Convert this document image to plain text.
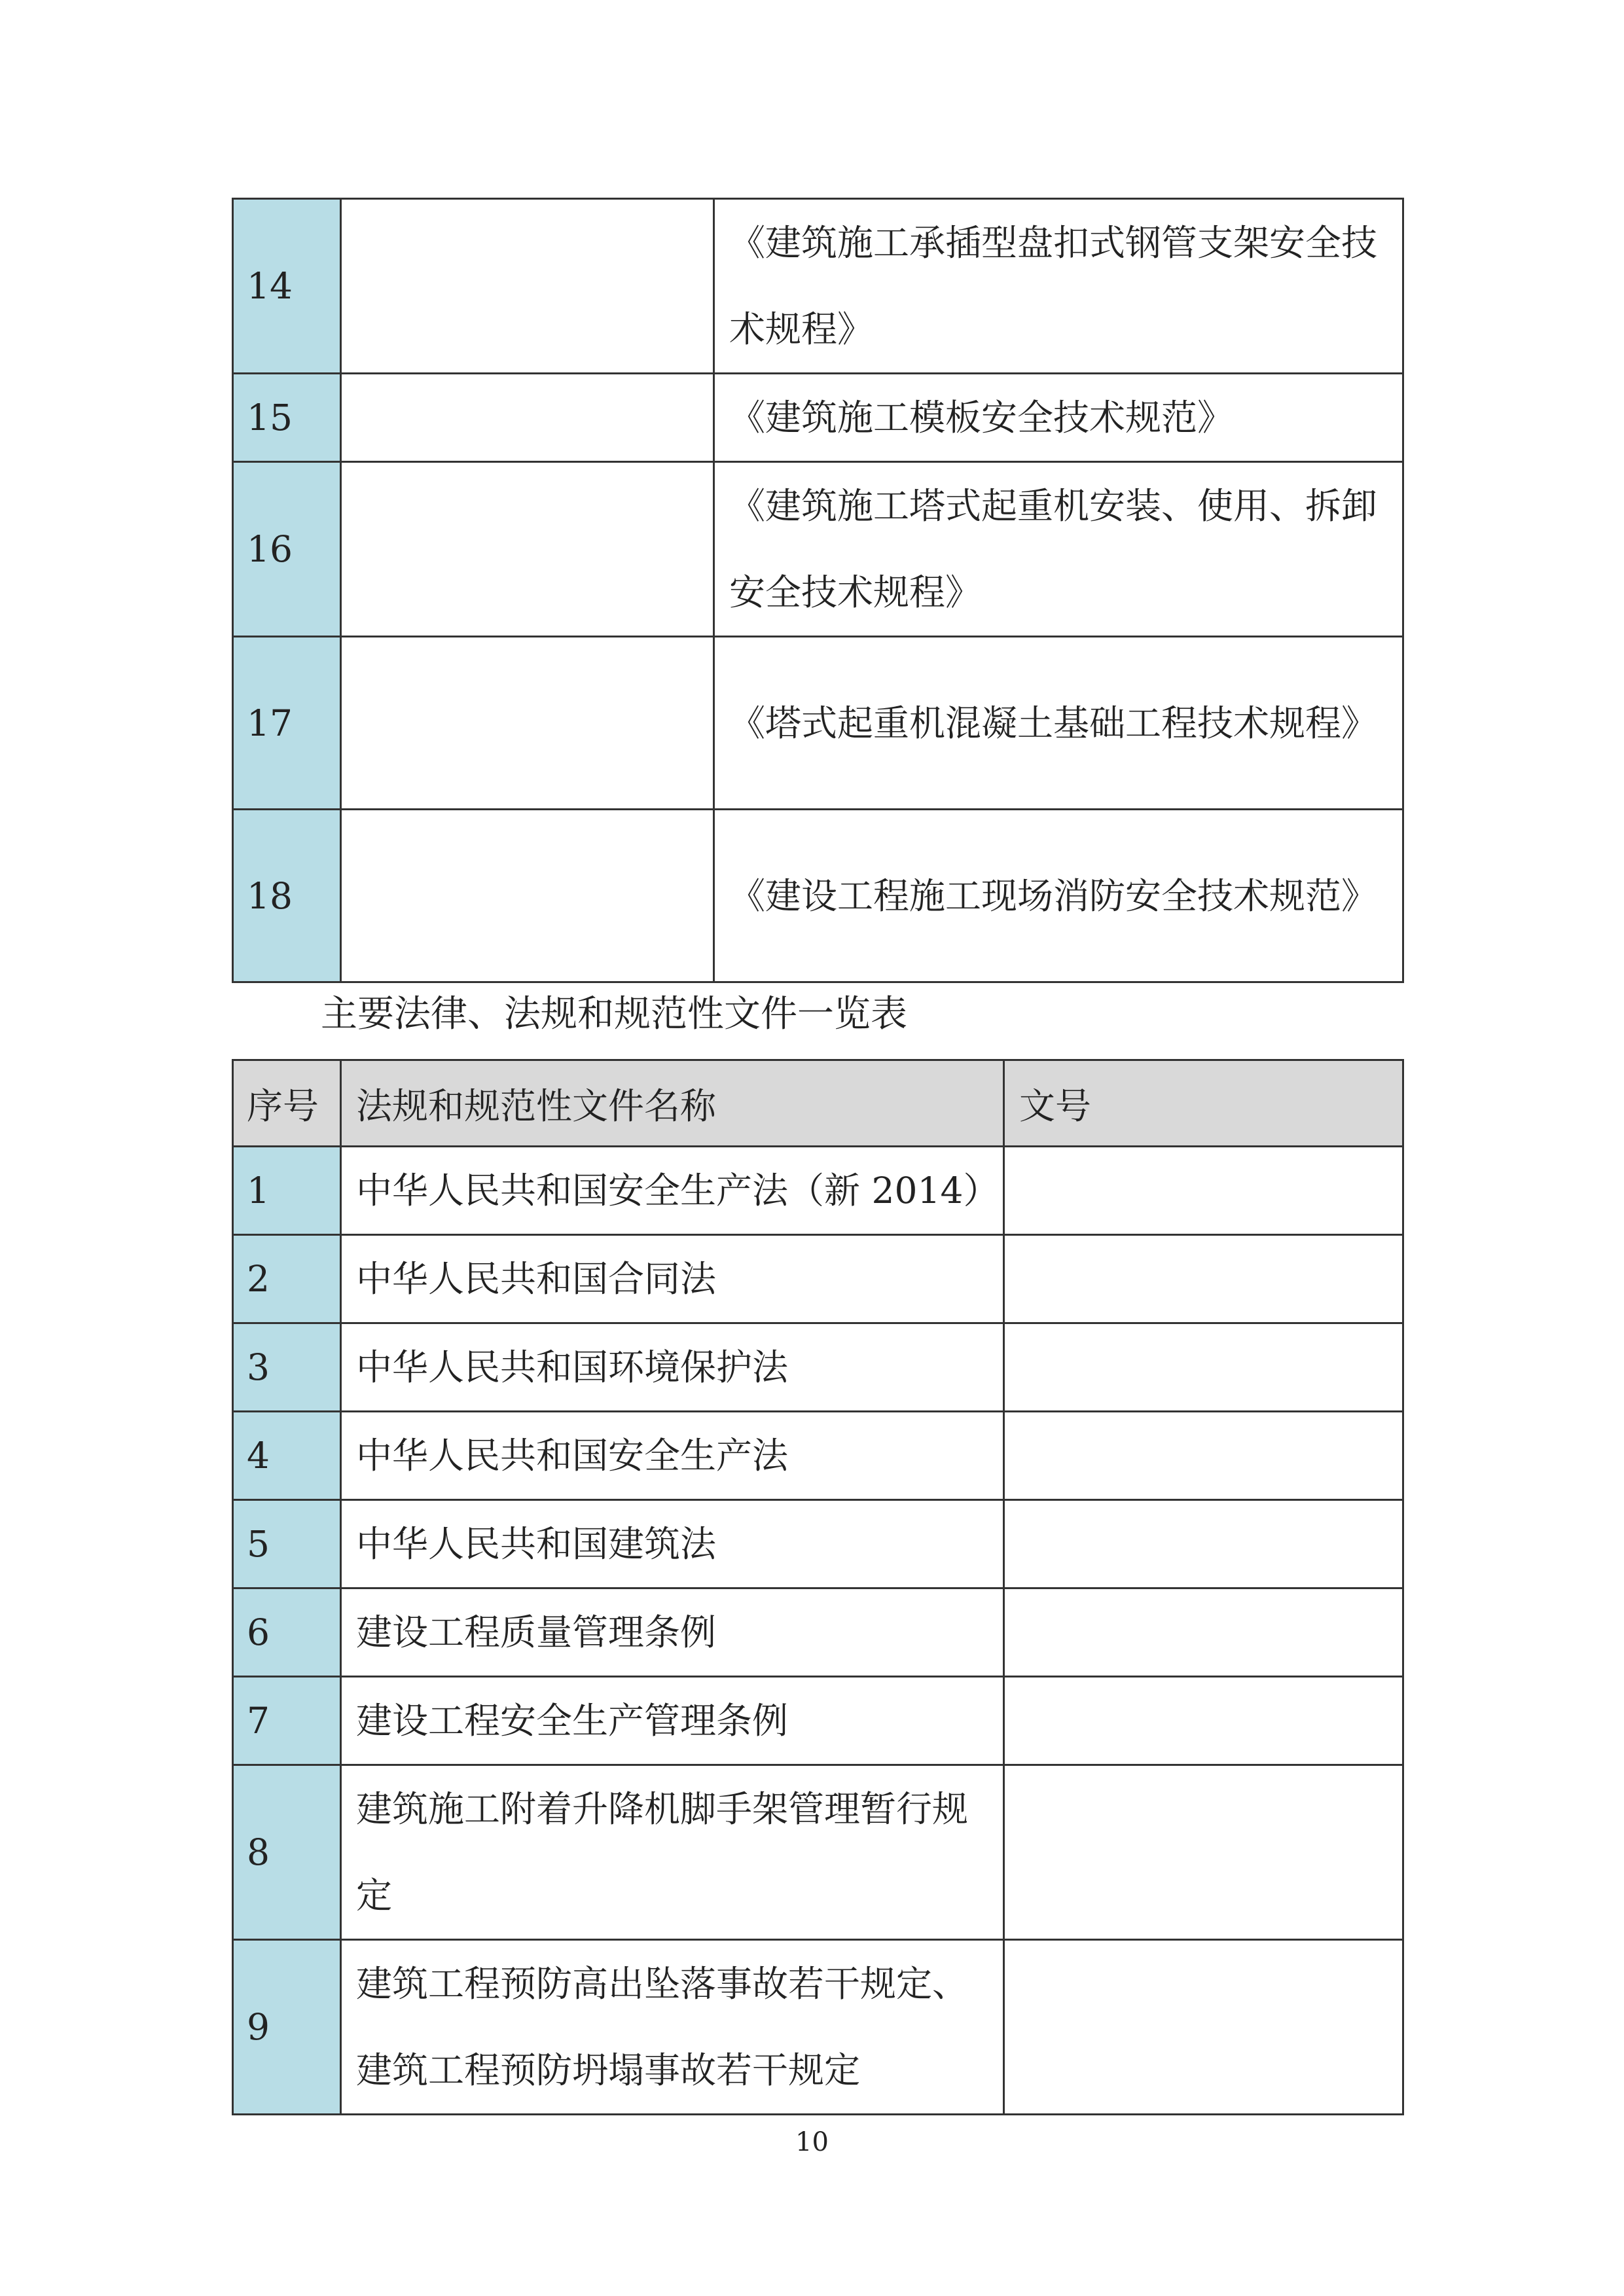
14		《建筑施工承插型盘扣式钢管支架安全技术规程》
15		《建筑施工模板安全技术规范》
16		《建筑施工塔式起重机安装、使用、拆卸安全技术规程》
17		《塔式起重机混凝土基础工程技术规程》
18		《建设工程施工现场消防安全技术规范》
主要法律、法规和规范性文件一览表
序号	法规和规范性文件名称	文号
1	中华人民共和国安全生产法（新 2014）	
2	中华人民共和国合同法	
3	中华人民共和国环境保护法	
4	中华人民共和国安全生产法	
5	中华人民共和国建筑法	
6	建设工程质量管理条例	
7	建设工程安全生产管理条例	
8	建筑施工附着升降机脚手架管理暂行规定	
9	建筑工程预防高出坠落事故若干规定、建筑工程预防坍塌事故若干规定	
10
